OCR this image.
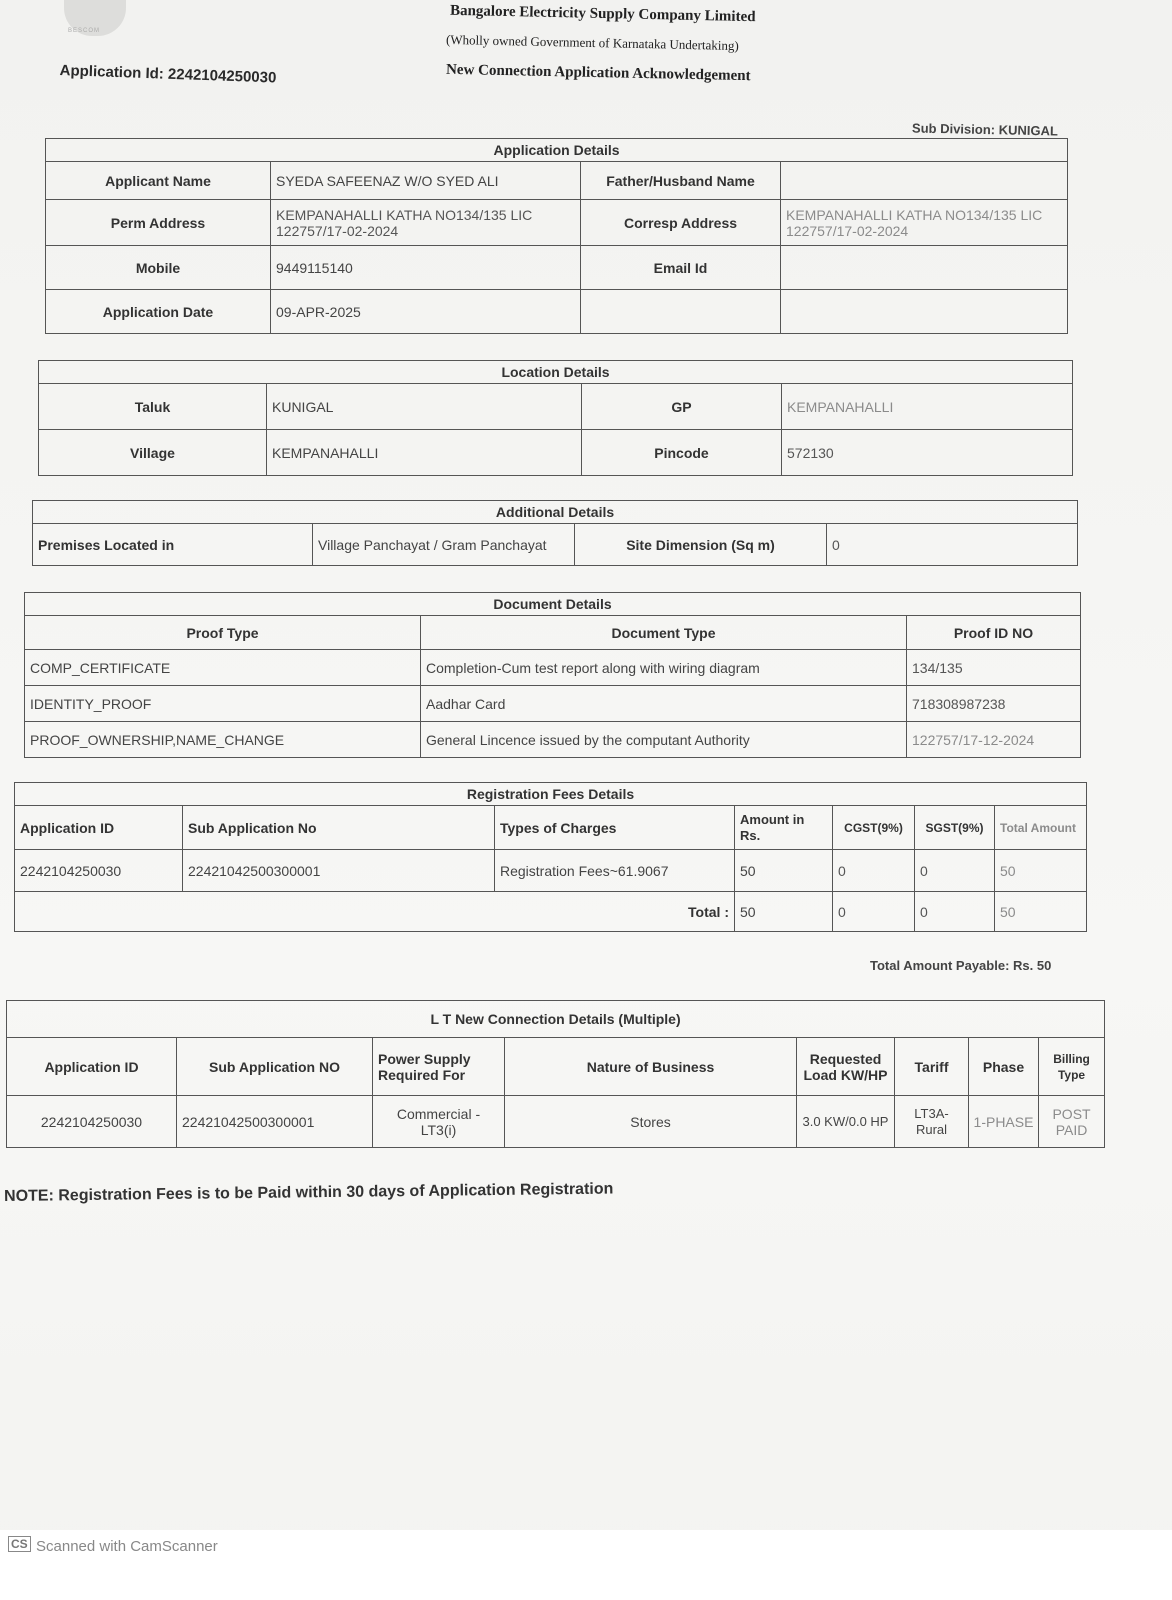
BESCOM
Bangalore Electricity Supply Company Limited
(Wholly owned Government of Karnataka Undertaking)
New Connection Application Acknowledgement
Application Id: 2242104250030
Sub Division: KUNIGAL
Application Details			
Applicant Name	SYEDA SAFEENAZ W/O SYED ALI	Father/Husband Name	
Perm Address	KEMPANAHALLI KATHA NO134/135 LIC 122757/17-02-2024	Corresp Address	KEMPANAHALLI KATHA NO134/135 LIC 122757/17-02-2024
Mobile	9449115140	Email Id	
Application Date	09-APR-2025		
Location Details			
Taluk	KUNIGAL	GP	KEMPANAHALLI
Village	KEMPANAHALLI	Pincode	572130
Additional Details
Premises Located in	Village Panchayat / Gram Panchayat	Site Dimension (Sq m)	0
Document Details		
Proof Type	Document Type	Proof ID NO
COMP_CERTIFICATE	Completion-Cum test report along with wiring diagram	134/135
IDENTITY_PROOF	Aadhar Card	718308987238
PROOF_OWNERSHIP,NAME_CHANGE	General Lincence issued by the computant Authority	122757/17-12-2024
Registration Fees Details						
Application ID	Sub Application No	Types of Charges	Amount in Rs.	CGST(9%)	SGST(9%)	Total Amount
2242104250030	22421042500300001	Registration Fees~61.9067	50	0	0	50
Total :			50	0	0	50
Total Amount Payable: Rs. 50
L T New Connection Details (Multiple)							
Application ID	Sub Application NO	Power Supply Required For	Nature of Business	Requested Load KW/HP	Tariff	Phase	Billing Type
2242104250030	22421042500300001	Commercial - LT3(i)	Stores	3.0 KW/0.0 HP	LT3A-Rural	1-PHASE	POST PAID
NOTE: Registration Fees is to be Paid within 30 days of Application Registration
CS Scanned with CamScanner
